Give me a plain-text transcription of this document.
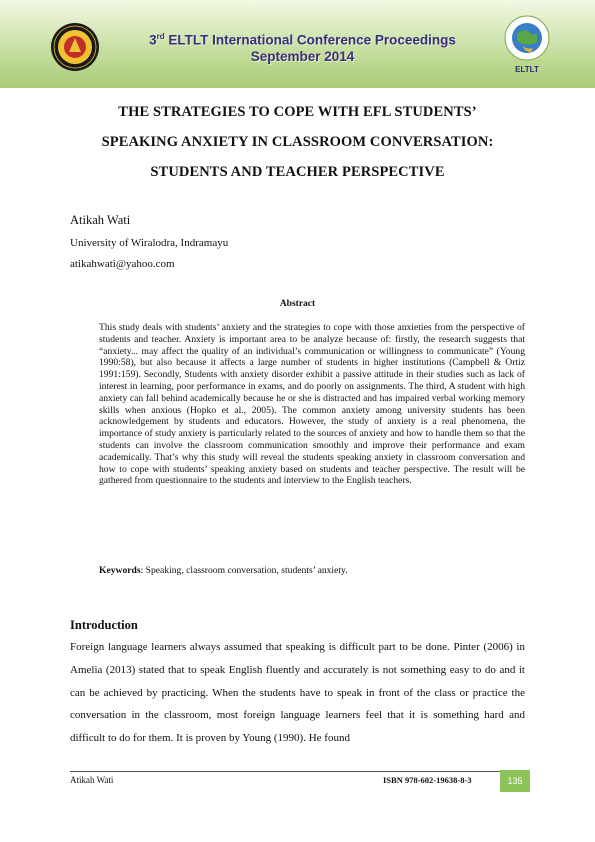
3rd ELTLT International Conference Proceedings
September 2014
ELTLT
THE STRATEGIES TO COPE WITH EFL STUDENTS’
SPEAKING ANXIETY IN CLASSROOM CONVERSATION:
STUDENTS AND TEACHER PERSPECTIVE
Atikah Wati
University of Wiralodra, Indramayu
atikahwati@yahoo.com
Abstract
This study deals with students’ anxiety and the strategies to cope with those anxieties from the perspective of students and teacher. Anxiety is important area to be analyze because of: firstly, the research suggests that “anxiety... may affect the quality of an individual’s communication or willingness to communicate” (Young 1990:58), but also because it affects a large number of students in higher institutions (Campbell & Ortiz 1991:159). Secondly, Students with anxiety disorder exhibit a passive attitude in their studies such as lack of interest in learning, poor performance in exams, and do poorly on assignments. The third, A student with high anxiety can fall behind academically because he or she is distracted and has impaired verbal working memory skills when anxious (Hopko et al., 2005). The common anxiety among university students has been acknowledgement by students and educators. However, the study of anxiety is a real phenomena, the importance of study anxiety is particularly related to the sources of anxiety and how to handle them so that the students can involve the classroom communication smoothly and improve their performance and exam academically. That’s why this study will reveal the students speaking anxiety in classroom conversation and how to cope with students’ speaking anxiety based on students and teacher perspective. The result will be gathered from questionnaire to the students and interview to the English teachers.
Keywords: Speaking, classroom conversation, students’ anxiety.
Introduction
Foreign language learners always assumed that speaking is difficult part to be done. Pinter (2006) in Amelia (2013) stated that to speak English fluently and accurately is not something easy to do and it can be achieved by practicing. When the students have to speak in front of the class or practice the conversation in the classroom, most foreign language learners feel that it is something hard and difficult to do for them. It is proven by Young (1990). He found
Atikah Wati	ISBN 978-602-19638-8-3	135
